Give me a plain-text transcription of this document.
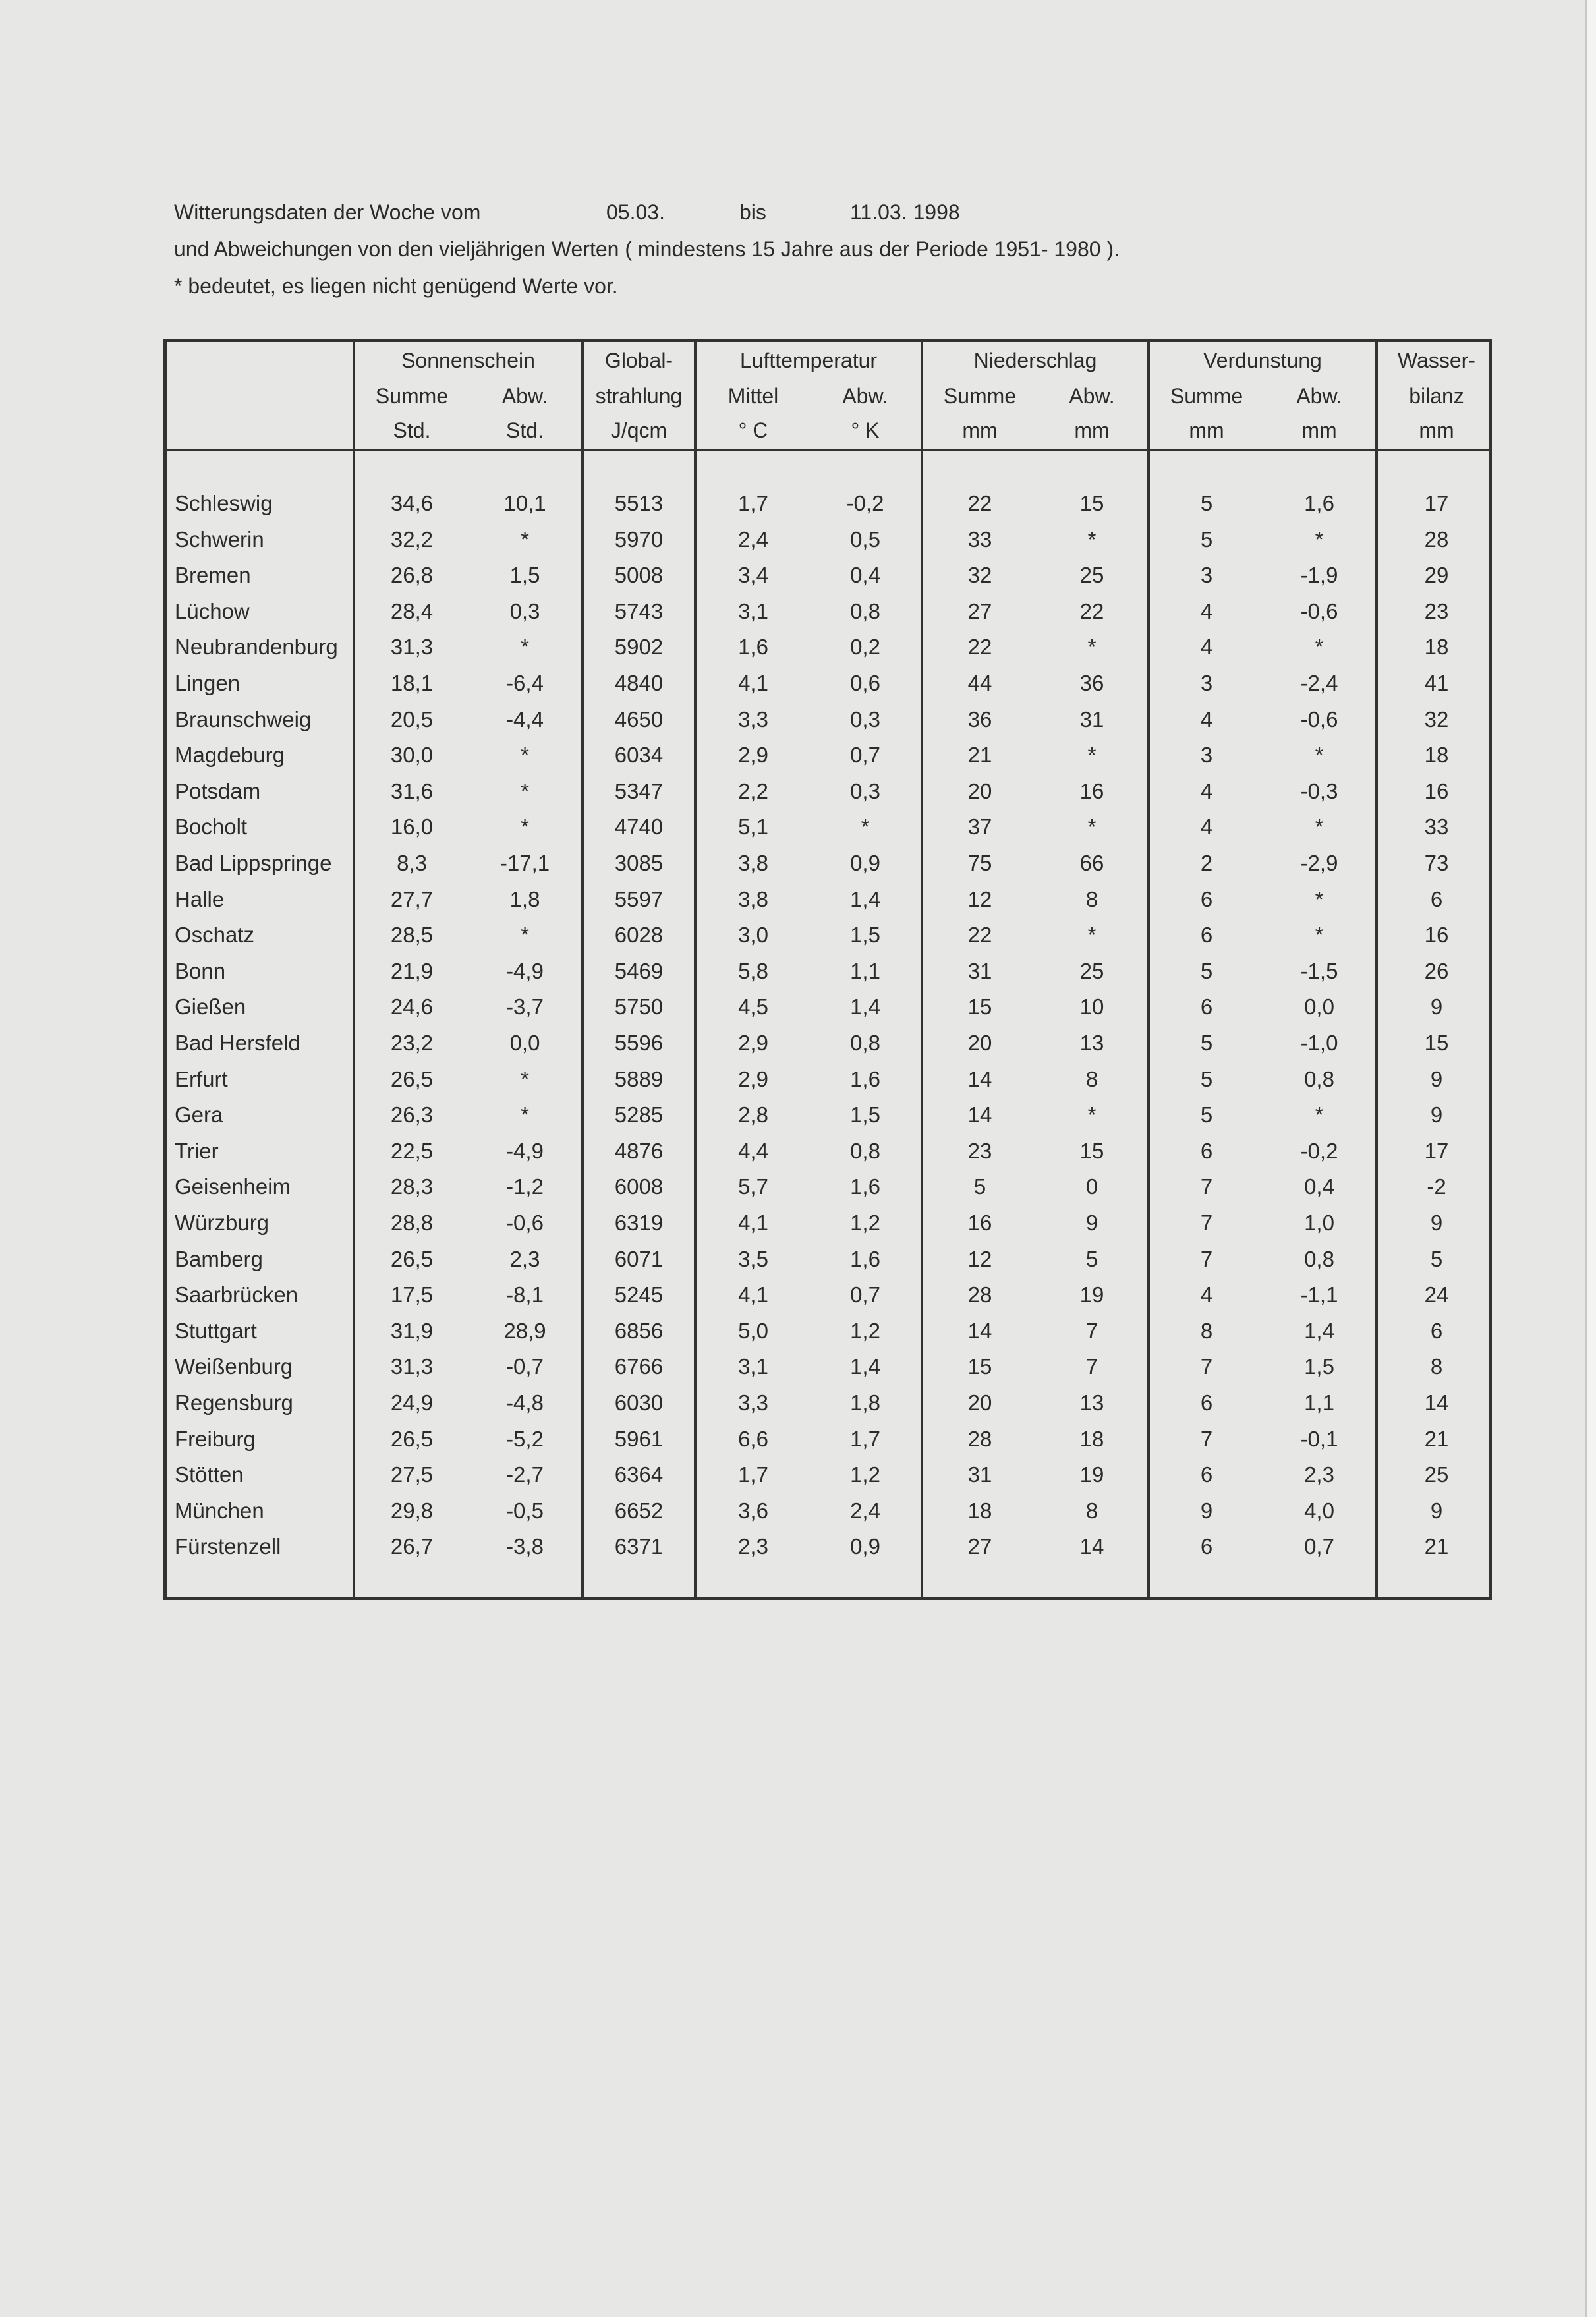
Witterungsdaten der Woche vom	05.03.	bis	11.03. 1998
und Abweichungen von den vieljährigen Werten ( mindestens 15 Jahre aus der Periode 1951- 1980 ).
* bedeutet, es liegen nicht genügend Werte vor.
Sonnenschein	Global-	Lufttemperatur	Niederschlag	Verdunstung	Wasser-
Summe	Abw.	strahlung	Mittel	Abw.	Summe	Abw.	Summe	Abw.	bilanz
Std.	Std.	J/qcm	° C	° K	mm	mm	mm	mm	mm
Schleswig	34,6	10,1	5513	1,7	-0,2	22	15	5	1,6	17
Schwerin	32,2	*	5970	2,4	0,5	33	*	5	*	28
Bremen	26,8	1,5	5008	3,4	0,4	32	25	3	-1,9	29
Lüchow	28,4	0,3	5743	3,1	0,8	27	22	4	-0,6	23
Neubrandenburg	31,3	*	5902	1,6	0,2	22	*	4	*	18
Lingen	18,1	-6,4	4840	4,1	0,6	44	36	3	-2,4	41
Braunschweig	20,5	-4,4	4650	3,3	0,3	36	31	4	-0,6	32
Magdeburg	30,0	*	6034	2,9	0,7	21	*	3	*	18
Potsdam	31,6	*	5347	2,2	0,3	20	16	4	-0,3	16
Bocholt	16,0	*	4740	5,1	*	37	*	4	*	33
Bad Lippspringe	8,3	-17,1	3085	3,8	0,9	75	66	2	-2,9	73
Halle	27,7	1,8	5597	3,8	1,4	12	8	6	*	6
Oschatz	28,5	*	6028	3,0	1,5	22	*	6	*	16
Bonn	21,9	-4,9	5469	5,8	1,1	31	25	5	-1,5	26
Gießen	24,6	-3,7	5750	4,5	1,4	15	10	6	0,0	9
Bad Hersfeld	23,2	0,0	5596	2,9	0,8	20	13	5	-1,0	15
Erfurt	26,5	*	5889	2,9	1,6	14	8	5	0,8	9
Gera	26,3	*	5285	2,8	1,5	14	*	5	*	9
Trier	22,5	-4,9	4876	4,4	0,8	23	15	6	-0,2	17
Geisenheim	28,3	-1,2	6008	5,7	1,6	5	0	7	0,4	-2
Würzburg	28,8	-0,6	6319	4,1	1,2	16	9	7	1,0	9
Bamberg	26,5	2,3	6071	3,5	1,6	12	5	7	0,8	5
Saarbrücken	17,5	-8,1	5245	4,1	0,7	28	19	4	-1,1	24
Stuttgart	31,9	28,9	6856	5,0	1,2	14	7	8	1,4	6
Weißenburg	31,3	-0,7	6766	3,1	1,4	15	7	7	1,5	8
Regensburg	24,9	-4,8	6030	3,3	1,8	20	13	6	1,1	14
Freiburg	26,5	-5,2	5961	6,6	1,7	28	18	7	-0,1	21
Stötten	27,5	-2,7	6364	1,7	1,2	31	19	6	2,3	25
München	29,8	-0,5	6652	3,6	2,4	18	8	9	4,0	9
Fürstenzell	26,7	-3,8	6371	2,3	0,9	27	14	6	0,7	21
